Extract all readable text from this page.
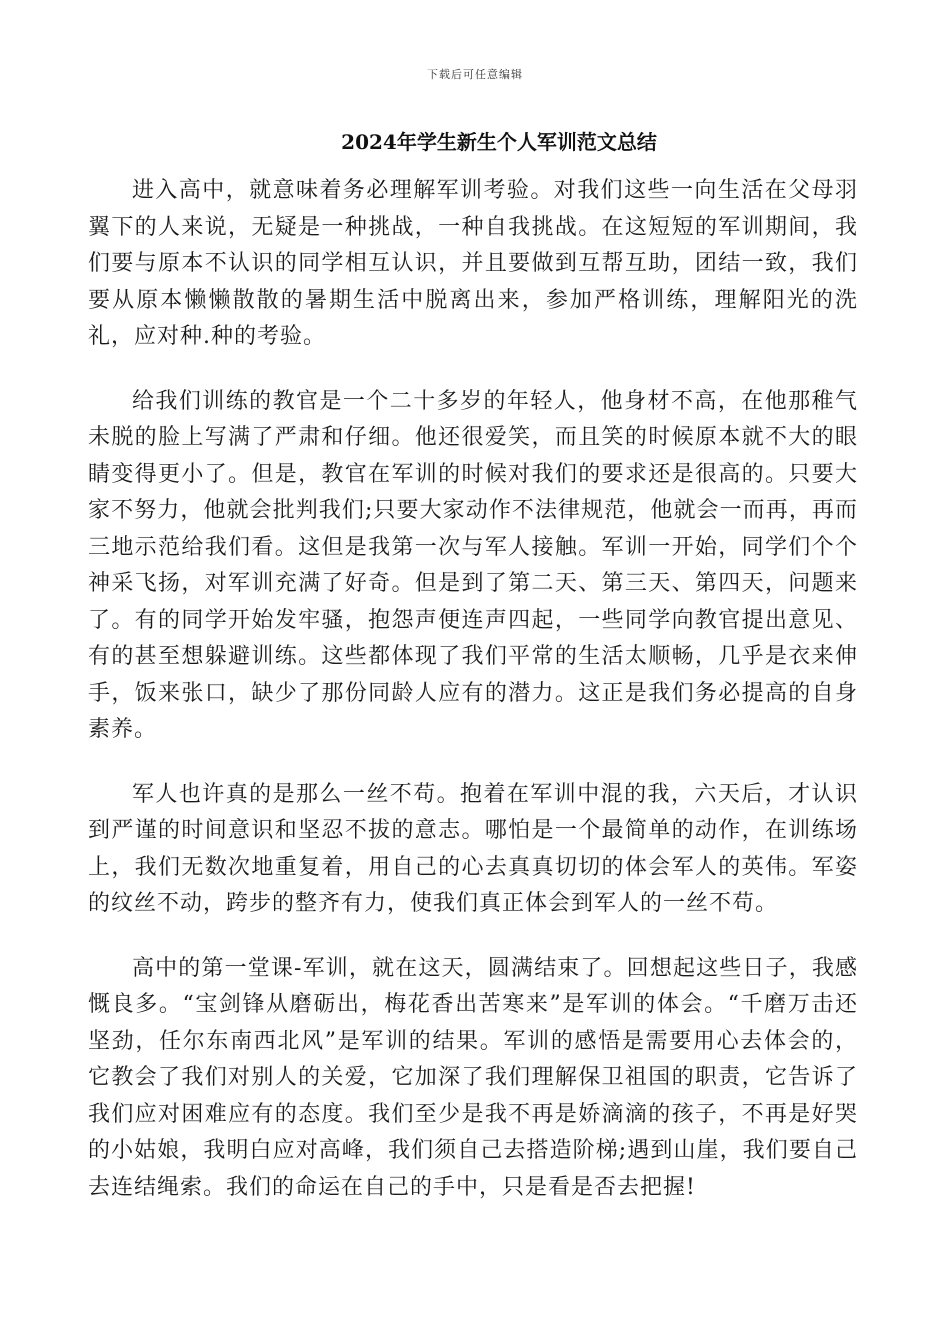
下载后可任意编辑
2024年学生新生个人军训范文总结

进入高中，就意味着务必理解军训考验。对我们这些一向生活在父母羽翼下的人来说，无疑是一种挑战，一种自我挑战。在这短短的军训期间，我们要与原本不认识的同学相互认识，并且要做到互帮互助，团结一致，我们要从原本懒懒散散的暑期生活中脱离出来，参加严格训练，理解阳光的洗礼，应对种.种的考验。

给我们训练的教官是一个二十多岁的年轻人，他身材不高，在他那稚气未脱的脸上写满了严肃和仔细。他还很爱笑，而且笑的时候原本就不大的眼睛变得更小了。但是，教官在军训的时候对我们的要求还是很高的。只要大家不努力，他就会批判我们;只要大家动作不法律规范，他就会一而再，再而三地示范给我们看。这但是我第一次与军人接触。军训一开始，同学们个个神采飞扬，对军训充满了好奇。但是到了第二天、第三天、第四天，问题来了。有的同学开始发牢骚，抱怨声便连声四起，一些同学向教官提出意见、有的甚至想躲避训练。这些都体现了我们平常的生活太顺畅，几乎是衣来伸手，饭来张口，缺少了那份同龄人应有的潜力。这正是我们务必提高的自身素养。

军人也许真的是那么一丝不苟。抱着在军训中混的我，六天后，才认识到严谨的时间意识和坚忍不拔的意志。哪怕是一个最简单的动作，在训练场上，我们无数次地重复着，用自己的心去真真切切的体会军人的英伟。军姿的纹丝不动，跨步的整齐有力，使我们真正体会到军人的一丝不苟。

高中的第一堂课-军训，就在这天，圆满结束了。回想起这些日子，我感慨良多。“宝剑锋从磨砺出，梅花香出苦寒来”是军训的体会。“千磨万击还坚劲，任尔东南西北风”是军训的结果。军训的感悟是需要用心去体会的，它教会了我们对别人的关爱，它加深了我们理解保卫祖国的职责，它告诉了我们应对困难应有的态度。我们至少是我不再是娇滴滴的孩子，不再是好哭的小姑娘，我明白应对高峰，我们须自己去搭造阶梯;遇到山崖，我们要自己去连结绳索。我们的命运在自己的手中，只是看是否去把握!
